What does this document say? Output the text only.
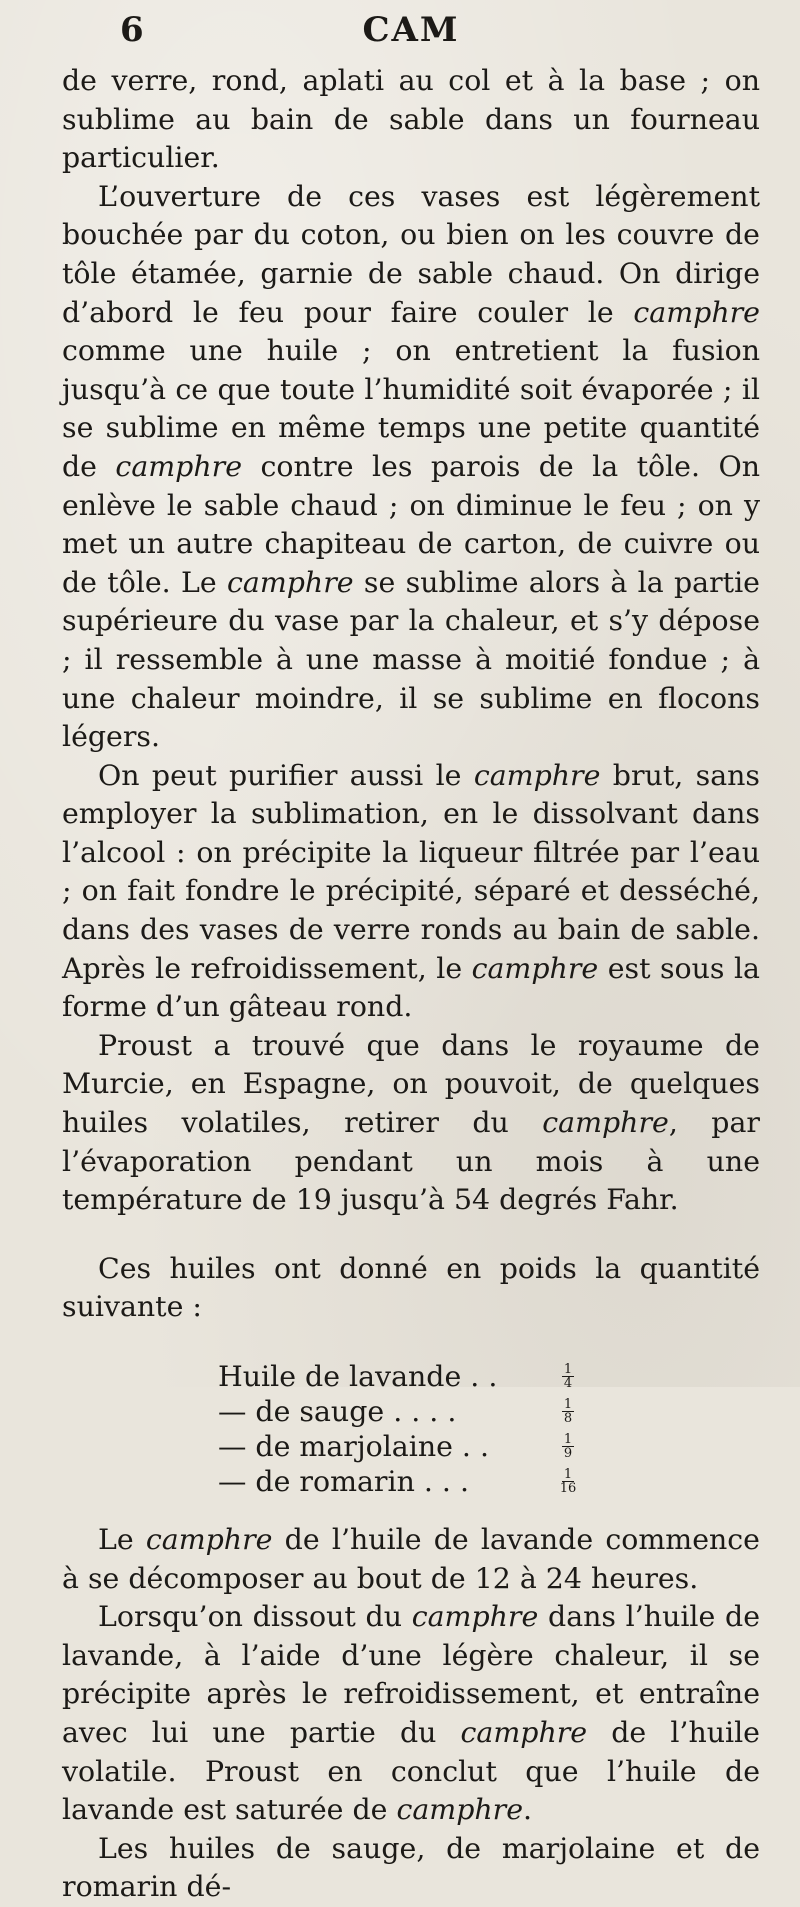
6	CAM

de verre, rond, aplati au col et à la base ; on sublime au bain de sable dans un fourneau particulier.

L’ouverture de ces vases est légèrement bouchée par du coton, ou bien on les couvre de tôle étamée, garnie de sable chaud. On dirige d’abord le feu pour faire couler le camphre comme une huile ; on entretient la fusion jusqu’à ce que toute l’humidité soit évaporée ; il se sublime en même temps une petite quantité de camphre contre les parois de la tôle. On enlève le sable chaud ; on diminue le feu ; on y met un autre chapiteau de carton, de cuivre ou de tôle. Le camphre se sublime alors à la partie supérieure du vase par la chaleur, et s’y dépose ; il ressemble à une masse à moitié fondue ; à une chaleur moindre, il se sublime en flocons légers.

On peut purifier aussi le camphre brut, sans employer la sublimation, en le dissolvant dans l’alcool : on précipite la liqueur filtrée par l’eau ; on fait fondre le précipité, séparé et desséché, dans des vases de verre ronds au bain de sable. Après le refroidissement, le camphre est sous la forme d’un gâteau rond.

Proust a trouvé que dans le royaume de Murcie, en Espagne, on pouvoit, de quelques huiles volatiles, retirer du camphre, par l’évaporation pendant un mois à une température de 19 jusqu’à 54 degrés Fahr.

Ces huiles ont donné en poids la quantité suivante :

Huile de lavande . .	$\frac{1}{4}$
— de sauge . . . .	$\frac{1}{8}$
— de marjolaine . .	$\frac{1}{9}$
— de romarin . . .	$\frac{1}{16}$

Le camphre de l’huile de lavande commence à se décomposer au bout de 12 à 24 heures.

Lorsqu’on dissout du camphre dans l’huile de lavande, à l’aide d’une légère chaleur, il se précipite après le refroidissement, et entraîne avec lui une partie du camphre de l’huile volatile. Proust en conclut que l’huile de lavande est saturée de camphre.

Les huiles de sauge, de marjolaine et de romarin dé-
